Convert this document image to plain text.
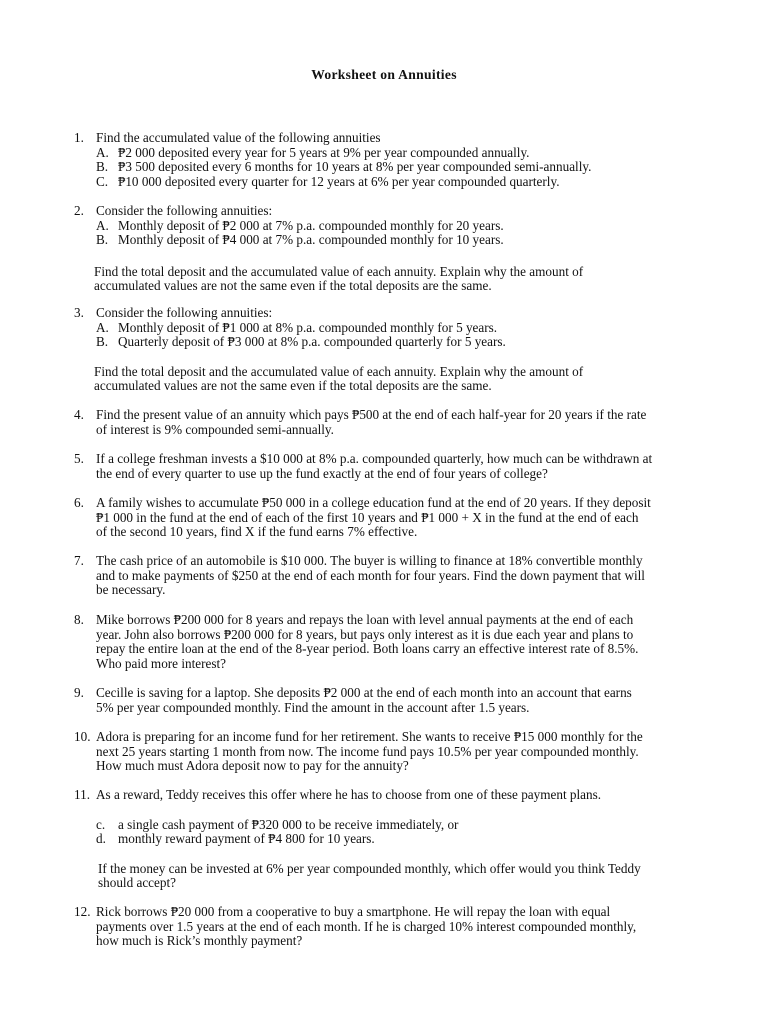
Worksheet on Annuities
1. Find the accumulated value of the following annuities
A. ₱2 000 deposited every year for 5 years at 9% per year compounded annually.
B. ₱3 500 deposited every 6 months for 10 years at 8% per year compounded semi-annually.
C. ₱10 000 deposited every quarter for 12 years at 6% per year compounded quarterly.
2. Consider the following annuities:
A. Monthly deposit of ₱2 000 at 7% p.a. compounded monthly for 20 years.
B. Monthly deposit of ₱4 000 at 7% p.a. compounded monthly for 10 years.
Find the total deposit and the accumulated value of each annuity. Explain why the amount of
accumulated values are not the same even if the total deposits are the same.
3. Consider the following annuities:
A. Monthly deposit of ₱1 000 at 8% p.a. compounded monthly for 5 years.
B. Quarterly deposit of ₱3 000 at 8% p.a. compounded quarterly for 5 years.
Find the total deposit and the accumulated value of each annuity. Explain why the amount of
accumulated values are not the same even if the total deposits are the same.
4. Find the present value of an annuity which pays ₱500 at the end of each half-year for 20 years if the rate
of interest is 9% compounded semi-annually.
5. If a college freshman invests a $10 000 at 8% p.a. compounded quarterly, how much can be withdrawn at
the end of every quarter to use up the fund exactly at the end of four years of college?
6. A family wishes to accumulate ₱50 000 in a college education fund at the end of 20 years. If they deposit
₱1 000 in the fund at the end of each of the first 10 years and ₱1 000 + X in the fund at the end of each
of the second 10 years, find X if the fund earns 7% effective.
7. The cash price of an automobile is $10 000. The buyer is willing to finance at 18% convertible monthly
and to make payments of $250 at the end of each month for four years. Find the down payment that will
be necessary.
8. Mike borrows ₱200 000 for 8 years and repays the loan with level annual payments at the end of each
year. John also borrows ₱200 000 for 8 years, but pays only interest as it is due each year and plans to
repay the entire loan at the end of the 8-year period. Both loans carry an effective interest rate of 8.5%.
Who paid more interest?
9. Cecille is saving for a laptop. She deposits ₱2 000 at the end of each month into an account that earns
5% per year compounded monthly. Find the amount in the account after 1.5 years.
10. Adora is preparing for an income fund for her retirement. She wants to receive ₱15 000 monthly for the
next 25 years starting 1 month from now. The income fund pays 10.5% per year compounded monthly.
How much must Adora deposit now to pay for the annuity?
11. As a reward, Teddy receives this offer where he has to choose from one of these payment plans.
c. a single cash payment of ₱320 000 to be receive immediately, or
d. monthly reward payment of ₱4 800 for 10 years.
If the money can be invested at 6% per year compounded monthly, which offer would you think Teddy
should accept?
12. Rick borrows ₱20 000 from a cooperative to buy a smartphone. He will repay the loan with equal
payments over 1.5 years at the end of each month. If he is charged 10% interest compounded monthly,
how much is Rick’s monthly payment?
